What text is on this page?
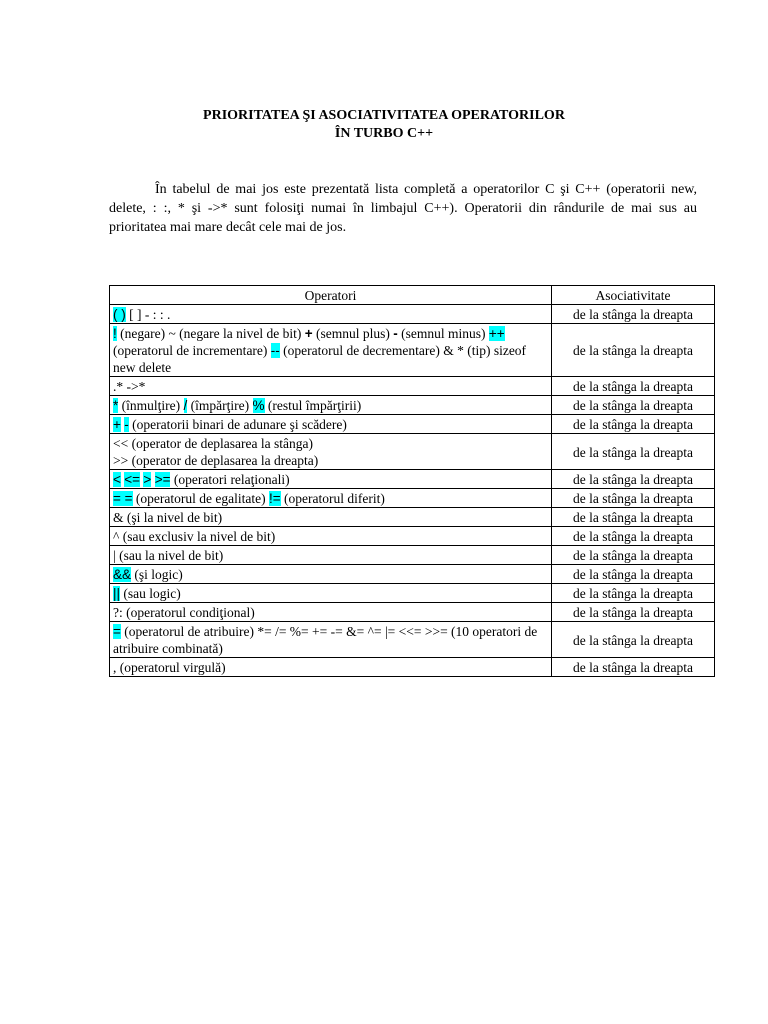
PRIORITATEA ŞI ASOCIATIVITATEA OPERATORILOR
ÎN TURBO C++

În tabelul de mai jos este prezentată lista completă a operatorilor C şi C++ (operatorii new, delete, : :, * şi ->* sunt folosiţi numai în limbajul C++). Operatorii din rândurile de mai sus au prioritatea mai mare decât cele mai de jos.

Operatori	Asociativitate
( ) [ ] - : : .	de la stânga la dreapta
! (negare) ~ (negare la nivel de bit) + (semnul plus) - (semnul minus) ++ (operatorul de incrementare) -- (operatorul de decrementare) & * (tip) sizeof new delete	de la stânga la dreapta
.* ->*	de la stânga la dreapta
* (înmulţire) / (împărţire) % (restul împărţirii)	de la stânga la dreapta
+ - (operatorii binari de adunare şi scădere)	de la stânga la dreapta
<< (operator de deplasarea la stânga)
>> (operator de deplasarea la dreapta)	de la stânga la dreapta
< <= > >= (operatori relaţionali)	de la stânga la dreapta
= = (operatorul de egalitate) != (operatorul diferit)	de la stânga la dreapta
& (şi la nivel de bit)	de la stânga la dreapta
^ (sau exclusiv la nivel de bit)	de la stânga la dreapta
| (sau la nivel de bit)	de la stânga la dreapta
&& (şi logic)	de la stânga la dreapta
|| (sau logic)	de la stânga la dreapta
?: (operatorul condiţional)	de la stânga la dreapta
= (operatorul de atribuire) *= /= %= += -= &= ^= |= <<= >>= (10 operatori de atribuire combinată)	de la stânga la dreapta
, (operatorul virgulă)	de la stânga la dreapta
